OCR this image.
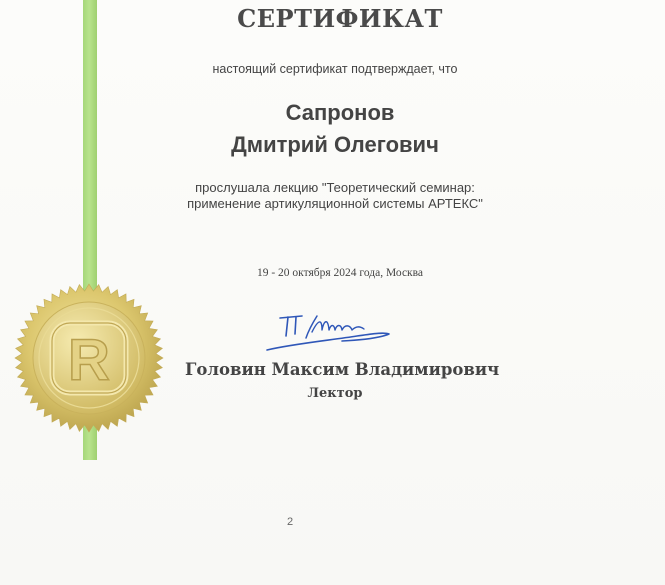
R
СЕРТИФИКАТ
настоящий сертификат подтверждает, что
Сапронов
Дмитрий Олегович
прослушала лекцию "Теоретический семинар:
применение артикуляционной системы АРТЕКС"
19 - 20 октября 2024 года, Москва
Головин Максим Владимирович
Лектор
2
